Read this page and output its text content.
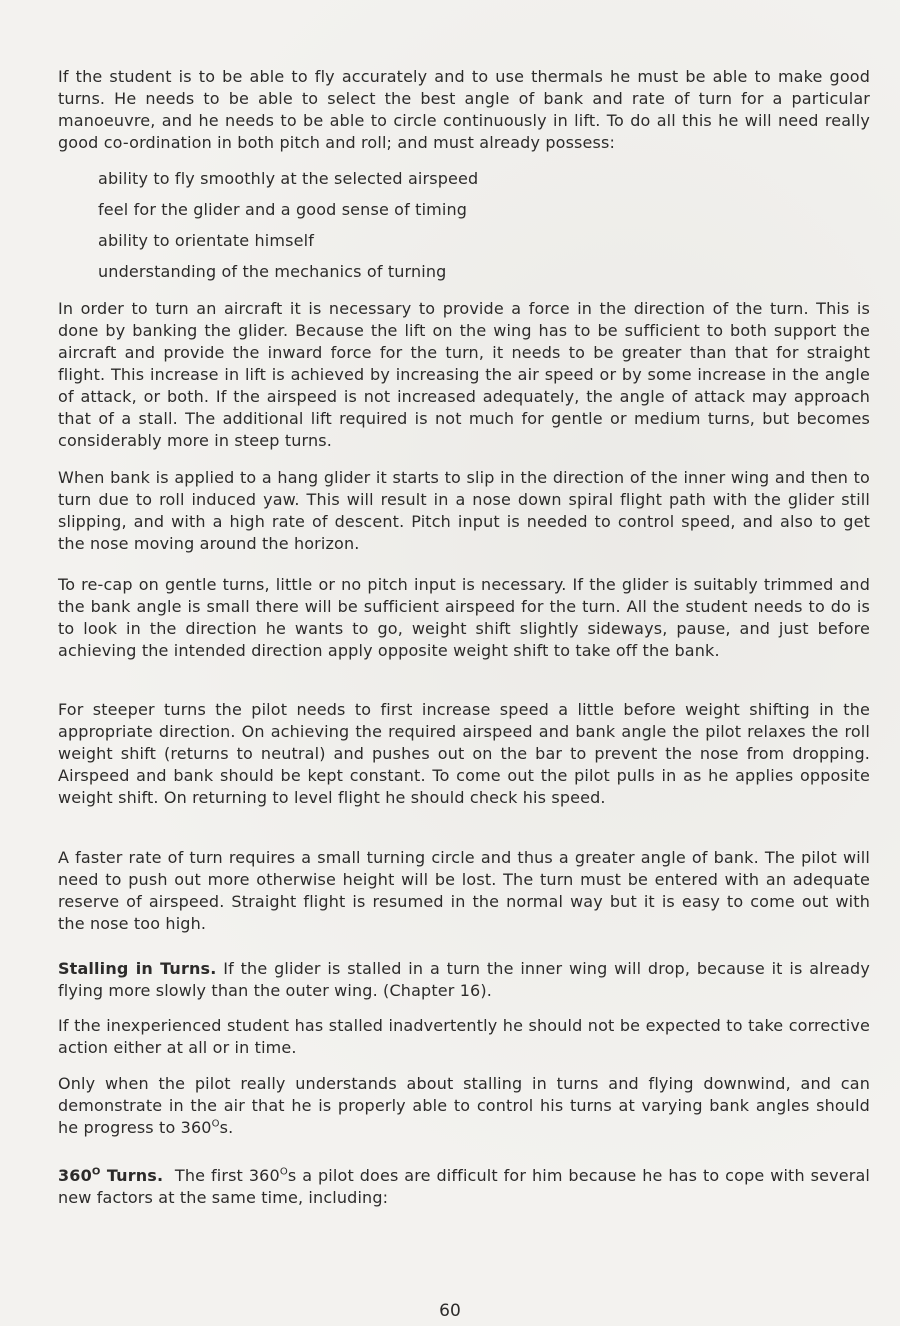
If the student is to be able to fly accurately and to use thermals he must be able to make good turns. He needs to be able to select the best angle of bank and rate of turn for a particular manoeuvre, and he needs to be able to circle continuously in lift. To do all this he will need really good co-ordination in both pitch and roll; and must already possess:

ability to fly smoothly at the selected airspeed
feel for the glider and a good sense of timing
ability to orientate himself
understanding of the mechanics of turning

In order to turn an aircraft it is necessary to provide a force in the direction of the turn. This is done by banking the glider. Because the lift on the wing has to be sufficient to both support the aircraft and provide the inward force for the turn, it needs to be greater than that for straight flight. This increase in lift is achieved by increasing the air speed or by some increase in the angle of attack, or both. If the airspeed is not increased adequately, the angle of attack may approach that of a stall. The additional lift required is not much for gentle or medium turns, but becomes considerably more in steep turns.

When bank is applied to a hang glider it starts to slip in the direction of the inner wing and then to turn due to roll induced yaw. This will result in a nose down spiral flight path with the glider still slipping, and with a high rate of descent. Pitch input is needed to control speed, and also to get the nose moving around the horizon.

To re-cap on gentle turns, little or no pitch input is necessary. If the glider is suitably trimmed and the bank angle is small there will be sufficient airspeed for the turn. All the student needs to do is to look in the direction he wants to go, weight shift slightly sideways, pause, and just before achieving the intended direction apply opposite weight shift to take off the bank.

For steeper turns the pilot needs to first increase speed a little before weight shifting in the appropriate direction. On achieving the required airspeed and bank angle the pilot relaxes the roll weight shift (returns to neutral) and pushes out on the bar to prevent the nose from dropping. Airspeed and bank should be kept constant. To come out the pilot pulls in as he applies opposite weight shift. On returning to level flight he should check his speed.

A faster rate of turn requires a small turning circle and thus a greater angle of bank. The pilot will need to push out more otherwise height will be lost. The turn must be entered with an adequate reserve of airspeed. Straight flight is resumed in the normal way but it is easy to come out with the nose too high.

Stalling in Turns. If the glider is stalled in a turn the inner wing will drop, because it is already flying more slowly than the outer wing. (Chapter 16).

If the inexperienced student has stalled inadvertently he should not be expected to take corrective action either at all or in time.

Only when the pilot really understands about stalling in turns and flying downwind, and can demonstrate in the air that he is properly able to control his turns at varying bank angles should he progress to $360^Os$.

$360^O$ Turns. The first $360^Os$ a pilot does are difficult for him because he has to cope with several new factors at the same time, including:

60
